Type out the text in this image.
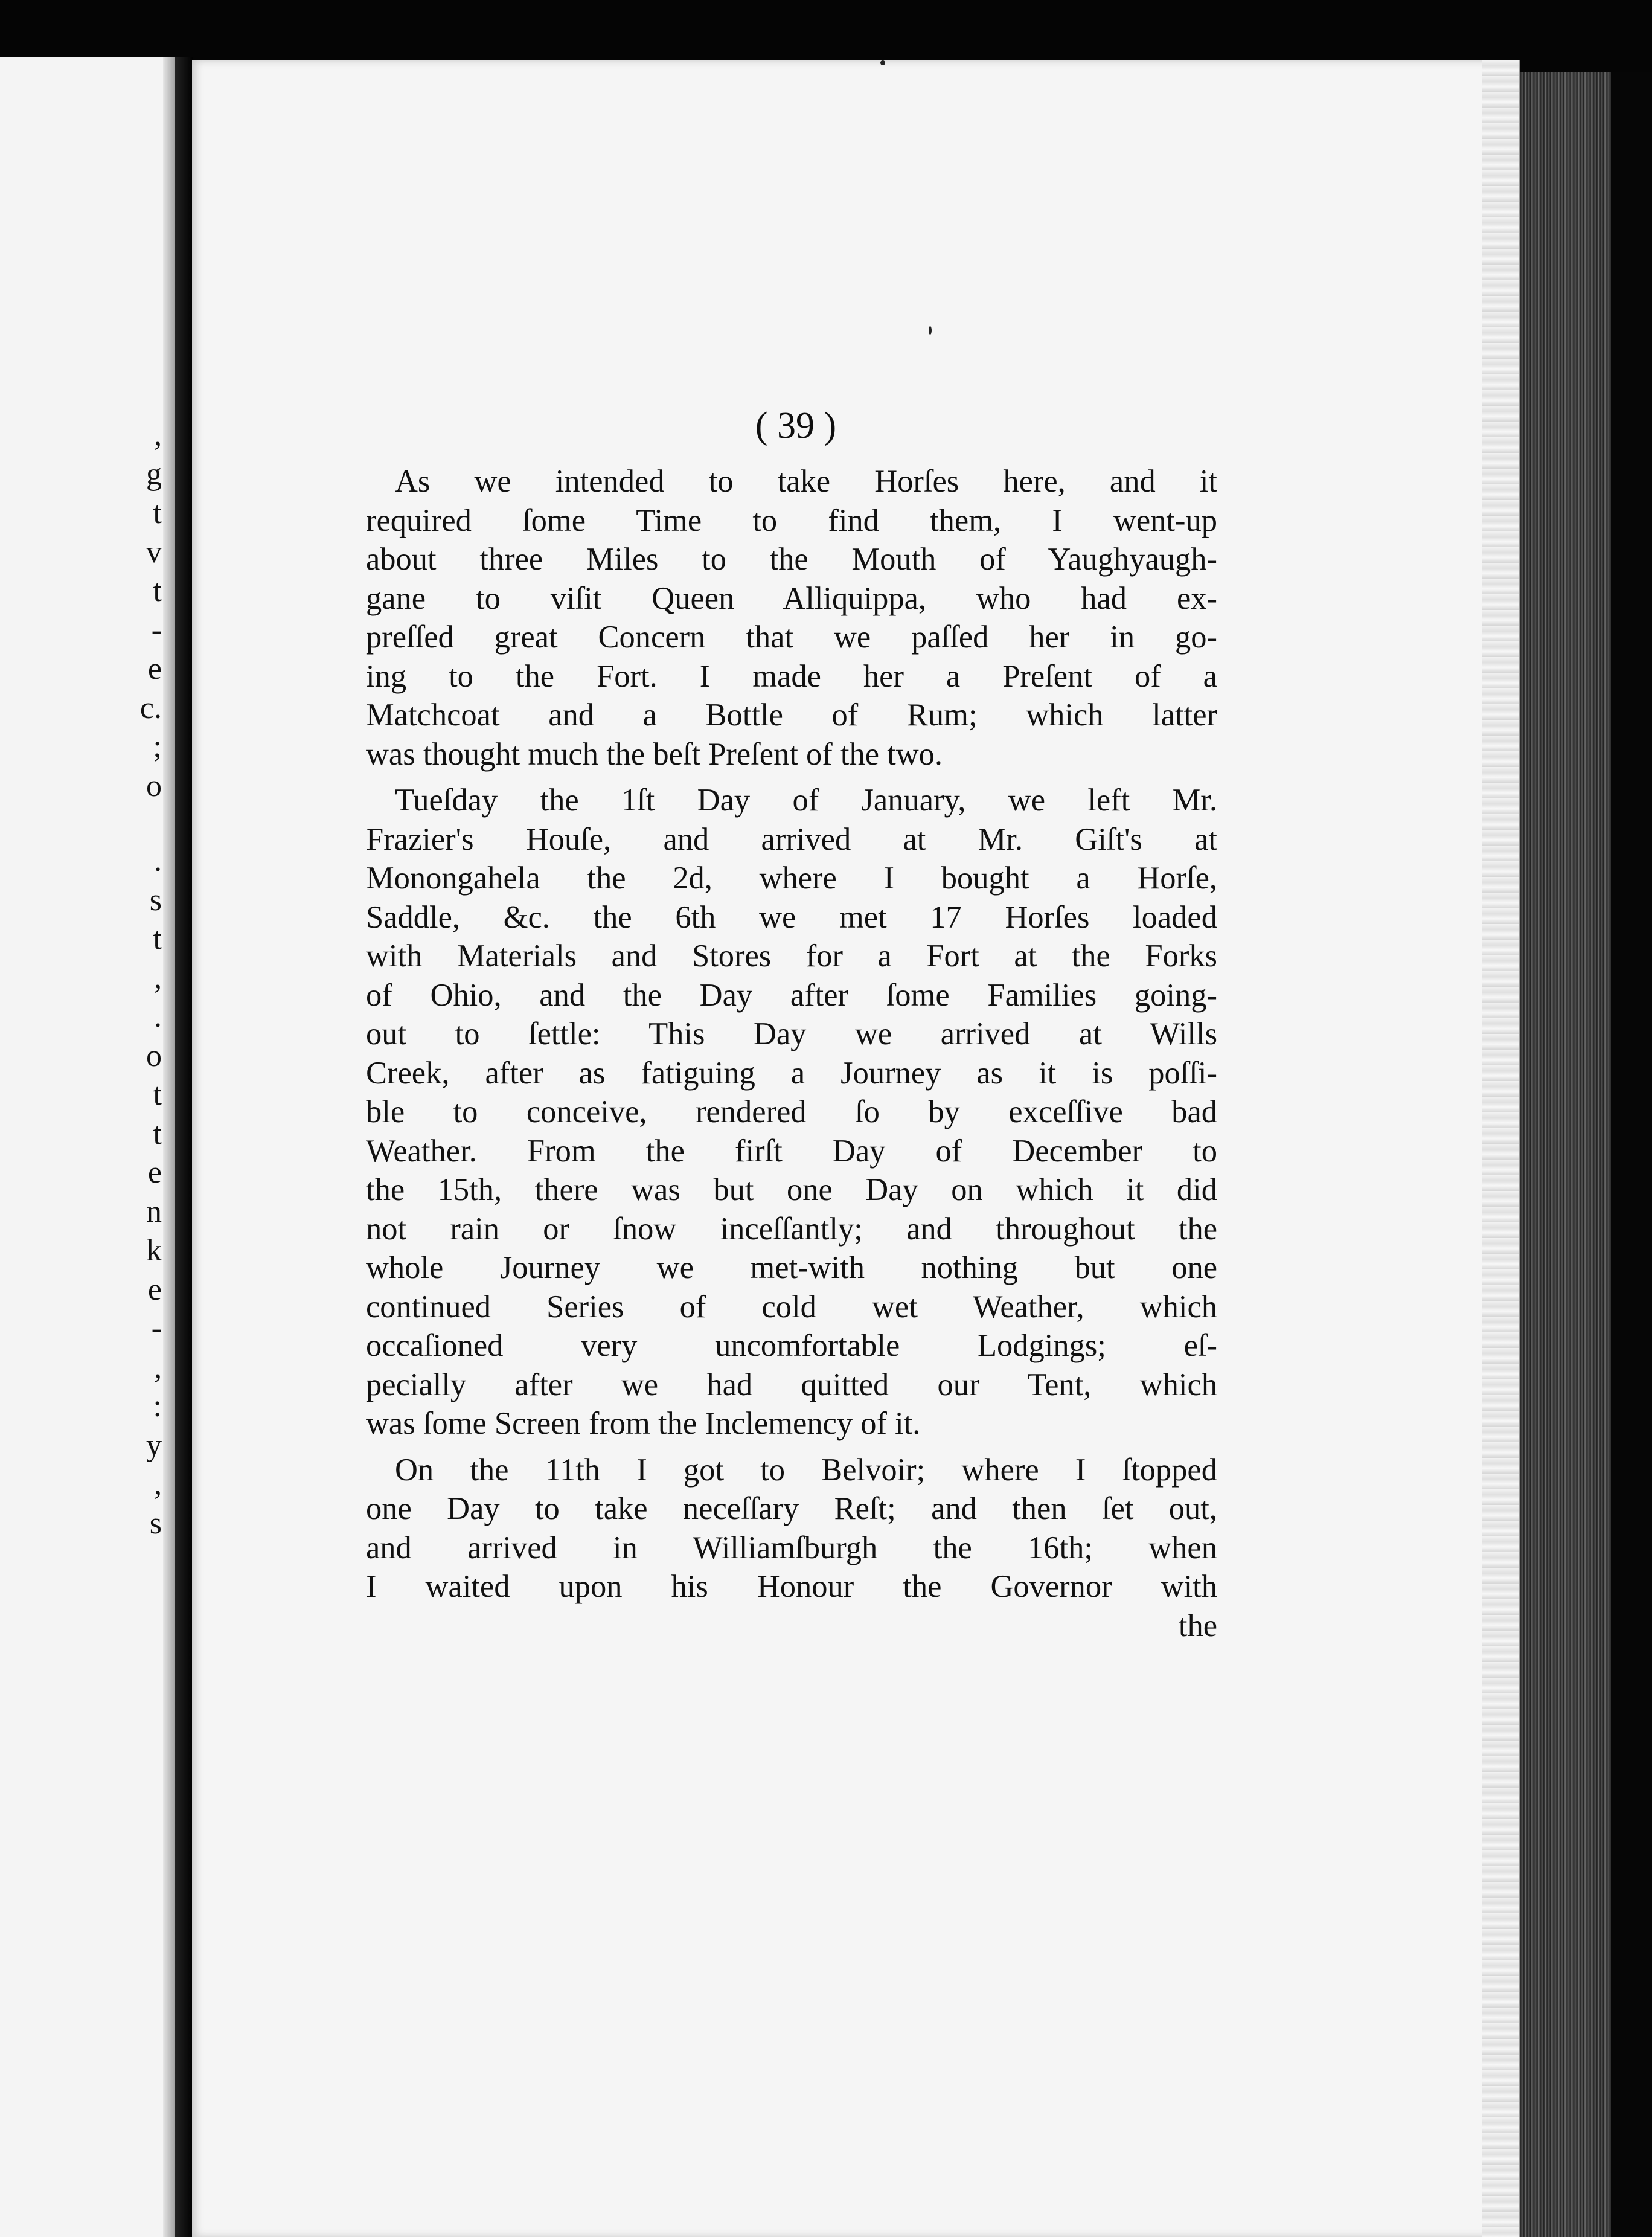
,
g
t
v
t
-
e
c.
;
o
.
s
t
,
.
o
t
t
e
n
k
e
-
,
:
y
,
s
( 39 )
As we intended to take Horſes here, and it
required ſome Time to find them, I went-up
about three Miles to the Mouth of Yaughyaugh-
gane to viſit Queen Alliquippa, who had ex-
preſſed great Concern that we paſſed her in go-
ing to the Fort. I made her a Preſent of a
Matchcoat and a Bottle of Rum; which latter
was thought much the beſt Preſent of the two.
Tueſday the 1ſt Day of January, we left Mr.
Frazier's Houſe, and arrived at Mr. Giſt's at
Monongahela the 2d, where I bought a Horſe,
Saddle, &c. the 6th we met 17 Horſes loaded
with Materials and Stores for a Fort at the Forks
of Ohio, and the Day after ſome Families going-
out to ſettle: This Day we arrived at Wills
Creek, after as fatiguing a Journey as it is poſſi-
ble to conceive, rendered ſo by exceſſive bad
Weather. From the firſt Day of December to
the 15th, there was but one Day on which it did
not rain or ſnow inceſſantly; and throughout the
whole Journey we met-with nothing but one
continued Series of cold wet Weather, which
occaſioned very uncomfortable Lodgings; eſ-
pecially after we had quitted our Tent, which
was ſome Screen from the Inclemency of it.
On the 11th I got to Belvoir; where I ſtopped
one Day to take neceſſary Reſt; and then ſet out,
and arrived in Williamſburgh the 16th; when
I waited upon his Honour the Governor with
the
